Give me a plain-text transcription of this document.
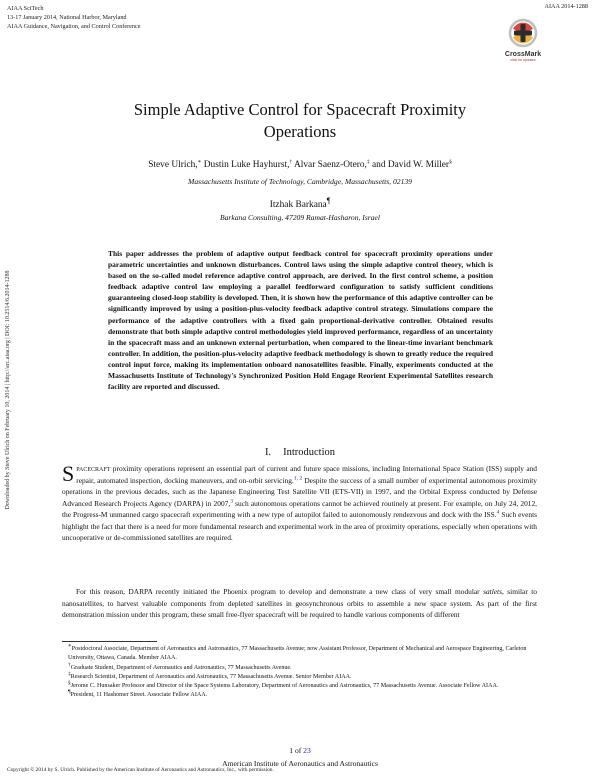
AIAA SciTech
13-17 January 2014, National Harbor, Maryland
AIAA Guidance, Navigation, and Control Conference
AIAA 2014-1288
CrossMark
click for updates
Downloaded by Steve Ulrich on February 10, 2014 | http://arc.aiaa.org | DOI: 10.2514/6.2014-1288
Simple Adaptive Control for Spacecraft Proximity
Operations
Steve Ulrich,∗ Dustin Luke Hayhurst,† Alvar Saenz-Otero,‡ and David W. Miller§
Massachusetts Institute of Technology, Cambridge, Massachusetts, 02139
Itzhak Barkana¶
Barkana Consulting, 47209 Ramat-Hasharon, Israel
This paper addresses the problem of adaptive output feedback control for spacecraft proximity operations under parametric uncertainties and unknown disturbances. Control laws using the simple adaptive control theory, which is based on the so-called model reference adaptive control approach, are derived. In the first control scheme, a position feedback adaptive control law employing a parallel feedforward configuration to satisfy sufficient conditions guaranteeing closed-loop stability is developed. Then, it is shown how the performance of this adaptive controller can be significantly improved by using a position-plus-velocity feedback adaptive control strategy. Simulations compare the performance of the adaptive controllers with a fixed gain proportional-derivative controller. Obtained results demonstrate that both simple adaptive control methodologies yield improved performance, regardless of an uncertainty in the spacecraft mass and an unknown external perturbation, when compared to the linear-time invariant benchmark controller. In addition, the position-plus-velocity adaptive feedback methodology is shown to greatly reduce the required control input force, making its implementation onboard nanosatellites feasible. Finally, experiments conducted at the Massachusetts Institute of Technology's Synchronized Position Hold Engage Reorient Experimental Satellites research facility are reported and discussed.
I. Introduction
Spacecraft proximity operations represent an essential part of current and future space missions, including International Space Station (ISS) supply and repair, automated inspection, docking maneuvers, and on-orbit servicing.$^{1, 2}$ Despite the success of a small number of experimental autonomous proximity operations in the previous decades, such as the Japanese Engineering Test Satellite VII (ETS-VII) in 1997, and the Orbital Express conducted by Defense Advanced Research Projects Agency (DARPA) in 2007,$^3$ such autonomous operations cannot be achieved routinely at present. For example, on July 24, 2012, the Progress-M unmanned cargo spacecraft experimenting with a new type of autopilot failed to autonomously rendezvous and dock with the ISS.$^4$ Such events highlight the fact that there is a need for more fundamental research and experimental work in the area of proximity operations, especially when operations with uncooperative or de-commissioned satellites are required.
For this reason, DARPA recently initiated the Phoenix program to develop and demonstrate a new class of very small modular satlets, similar to nanosatellites, to harvest valuable components from depleted satellites in geosynchronous orbits to assemble a new space system. As part of the first demonstration mission under this program, these small free-flyer spacecraft will be required to handle various components of different
∗Postdoctoral Associate, Department of Aeronautics and Astronautics, 77 Massachusetts Avenue; now Assistant Professor, Department of Mechanical and Aerospace Engineering, Carleton University, Ottawa, Canada. Member AIAA.
†Graduate Student, Department of Aeronautics and Astronautics, 77 Massachusetts Avenue.
‡Research Scientist, Department of Aeronautics and Astronautics, 77 Massachusetts Avenue. Senior Member AIAA.
§Jerome C. Hunsaker Professor and Director of the Space Systems Laboratory, Department of Aeronautics and Astronautics, 77 Massachusetts Avenue. Associate Fellow AIAA.
¶President, 11 Hashomer Street. Associate Fellow AIAA.
1 of 23
American Institute of Aeronautics and Astronautics
Copyright © 2014 by S. Ulrich. Published by the American Institute of Aeronautics and Astronautics, Inc., with permission.
